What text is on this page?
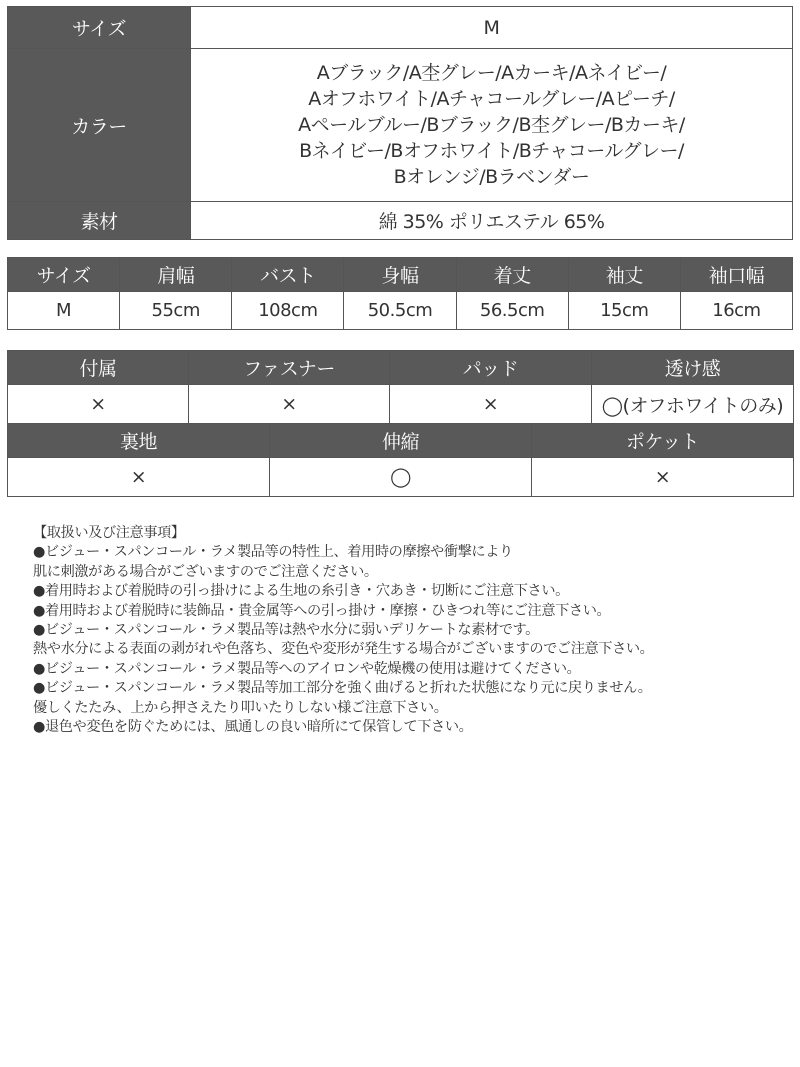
サイズ	M
カラー	Aブラック/A杢グレー/Aカーキ/Aネイビー/
Aオフホワイト/Aチャコールグレー/Aピーチ/
Aペールブルー/Bブラック/B杢グレー/Bカーキ/
Bネイビー/Bオフホワイト/Bチャコールグレー/
Bオレンジ/Bラベンダー

素材	綿 35% ポリエステル 65%
サイズ	肩幅	バスト	身幅	着丈	袖丈	袖口幅
M	55cm	108cm	50.5cm	56.5cm	15cm	16cm
付属	ファスナー	パッド	透け感
×	×	×	◯(オフホワイトのみ)
裏地	伸縮	ポケット
×	◯	×
【取扱い及び注意事項】
●ビジュー・スパンコール・ラメ製品等の特性上、着用時の摩擦や衝撃により
肌に刺激がある場合がございますのでご注意ください。
●着用時および着脱時の引っ掛けによる生地の糸引き・穴あき・切断にご注意下さい。
●着用時および着脱時に装飾品・貴金属等への引っ掛け・摩擦・ひきつれ等にご注意下さい。
●ビジュー・スパンコール・ラメ製品等は熱や水分に弱いデリケートな素材です。
熱や水分による表面の剥がれや色落ち、変色や変形が発生する場合がございますのでご注意下さい。
●ビジュー・スパンコール・ラメ製品等へのアイロンや乾燥機の使用は避けてください。
●ビジュー・スパンコール・ラメ製品等加工部分を強く曲げると折れた状態になり元に戻りません。
優しくたたみ、上から押さえたり叩いたりしない様ご注意下さい。
●退色や変色を防ぐためには、風通しの良い暗所にて保管して下さい。
